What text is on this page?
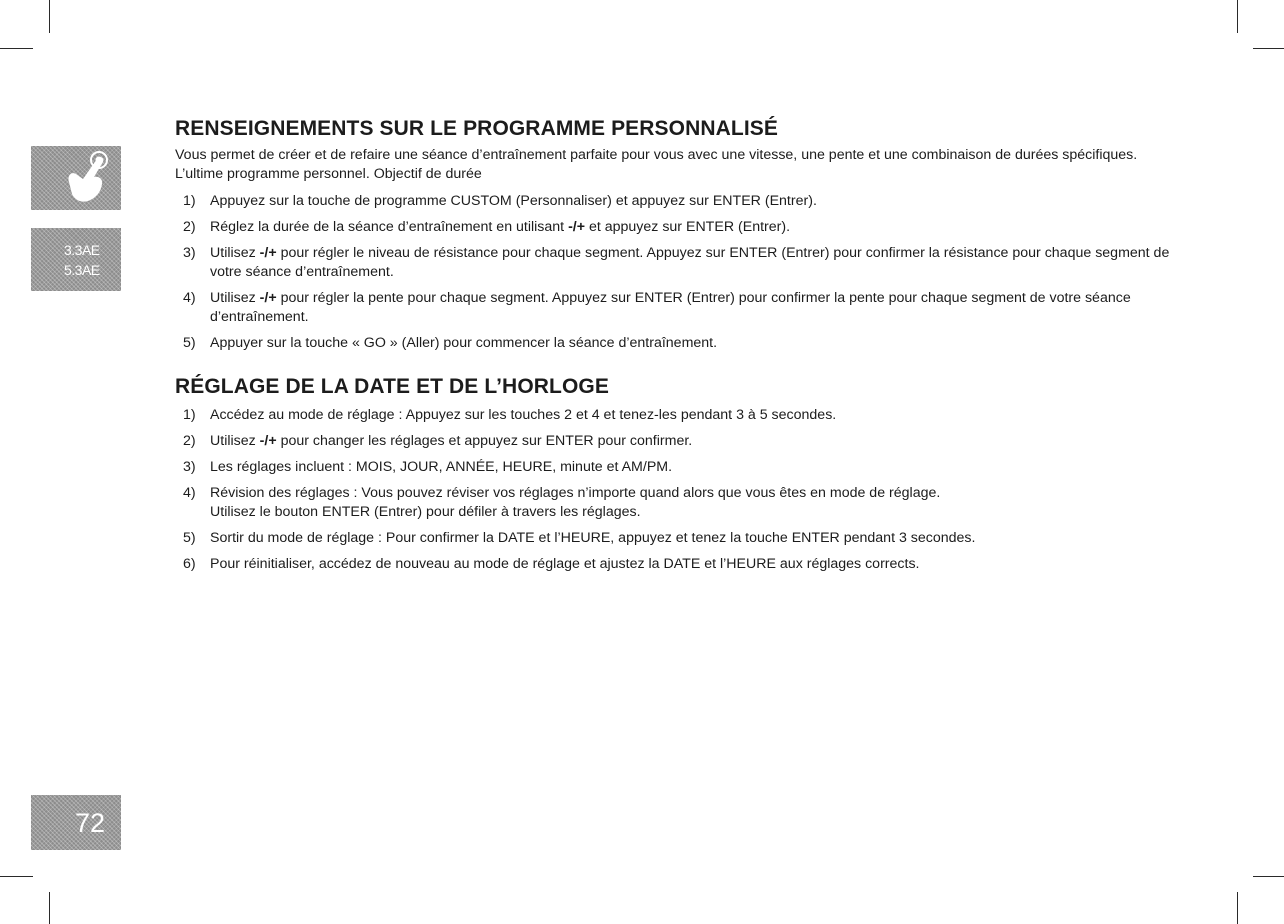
3.3AE
5.3AE
72
RENSEIGNEMENTS SUR LE PROGRAMME PERSONNALISÉ

Vous permet de créer et de refaire une séance d’entraînement parfaite pour vous avec une vitesse, une pente et une combinaison de durées spécifiques. L’ultime programme personnel. Objectif de durée

1) Appuyez sur la touche de programme CUSTOM (Personnaliser) et appuyez sur ENTER (Entrer).
2) Réglez la durée de la séance d’entraînement en utilisant -/+ et appuyez sur ENTER (Entrer).
3) Utilisez -/+ pour régler le niveau de résistance pour chaque segment. Appuyez sur ENTER (Entrer) pour confirmer la résistance pour chaque segment de votre séance d’entraînement.
4) Utilisez -/+ pour régler la pente pour chaque segment. Appuyez sur ENTER (Entrer) pour confirmer la pente pour chaque segment de votre séance d’entraînement.
5) Appuyer sur la touche « GO » (Aller) pour commencer la séance d’entraînement.
RÉGLAGE DE LA DATE ET DE L’HORLOGE
1) Accédez au mode de réglage : Appuyez sur les touches 2 et 4 et tenez-les pendant 3 à 5 secondes.
2) Utilisez -/+ pour changer les réglages et appuyez sur ENTER pour confirmer.
3) Les réglages incluent : MOIS, JOUR, ANNÉE, HEURE, minute et AM/PM.
4) Révision des réglages : Vous pouvez réviser vos réglages n’importe quand alors que vous êtes en mode de réglage.
Utilisez le bouton ENTER (Entrer) pour défiler à travers les réglages.
5) Sortir du mode de réglage : Pour confirmer la DATE et l’HEURE, appuyez et tenez la touche ENTER pendant 3 secondes.
6) Pour réinitialiser, accédez de nouveau au mode de réglage et ajustez la DATE et l’HEURE aux réglages corrects.
